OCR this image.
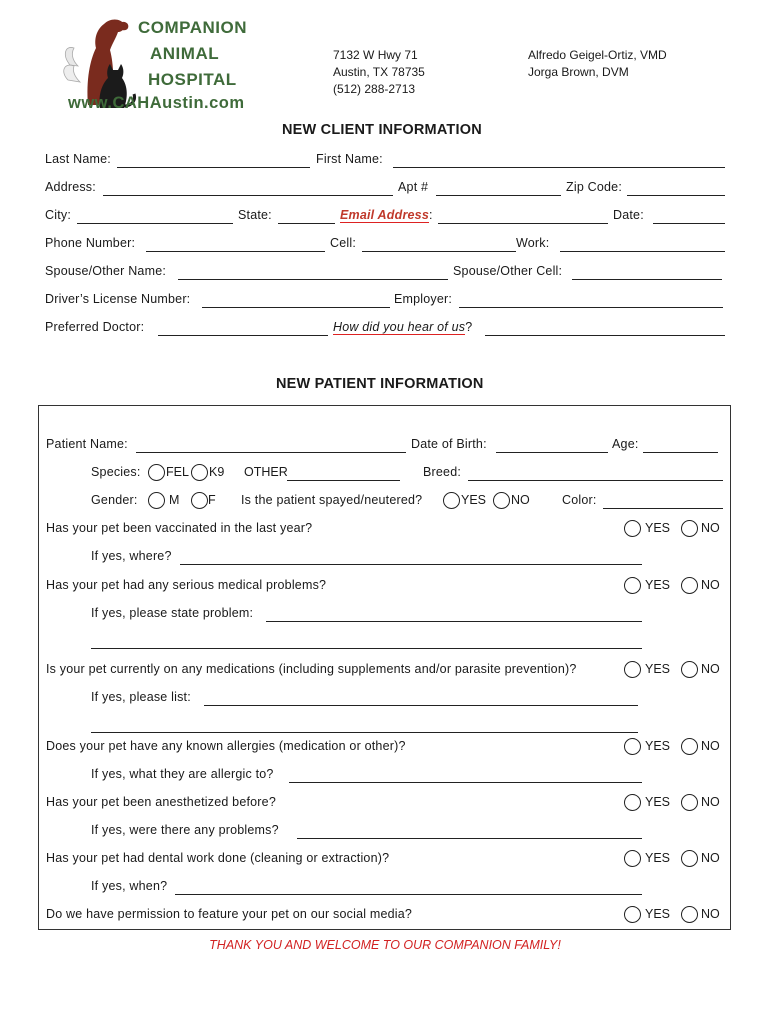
COMPANION
ANIMAL
HOSPITAL
www.CAHAustin.com
7132 W Hwy 71
Austin, TX 78735
(512) 288-2713
Alfredo Geigel-Ortiz, VMD
Jorga Brown, DVM
NEW CLIENT INFORMATION
Last Name:	First Name:
Address:	Apt #	Zip Code:
City:	State:	Email Address:	Date:
Phone Number:	Cell:	Work:
Spouse/Other Name:	Spouse/Other Cell:
Driver’s License Number:	Employer:
Preferred Doctor:	How did you hear of us?
NEW PATIENT INFORMATION
Patient Name:	Date of Birth:	Age:
Species: FEL K9 OTHER	Breed:
Gender:	M F Is the patient spayed/neutered?	YES NO	Color:
Has your pet been vaccinated in the last year?	YES NO
If yes, where?
Has your pet had any serious medical problems?	YES NO
If yes, please state problem:
Is your pet currently on any medications (including supplements and/or parasite prevention)?	YES NO
If yes, please list:
Does your pet have any known allergies (medication or other)?	YES NO
If yes, what they are allergic to?
Has your pet been anesthetized before?	YES NO
If yes, were there any problems?
Has your pet had dental work done (cleaning or extraction)?	YES NO
If yes, when?
Do we have permission to feature your pet on our social media?	YES NO
THANK YOU AND WELCOME TO OUR COMPANION FAMILY!
